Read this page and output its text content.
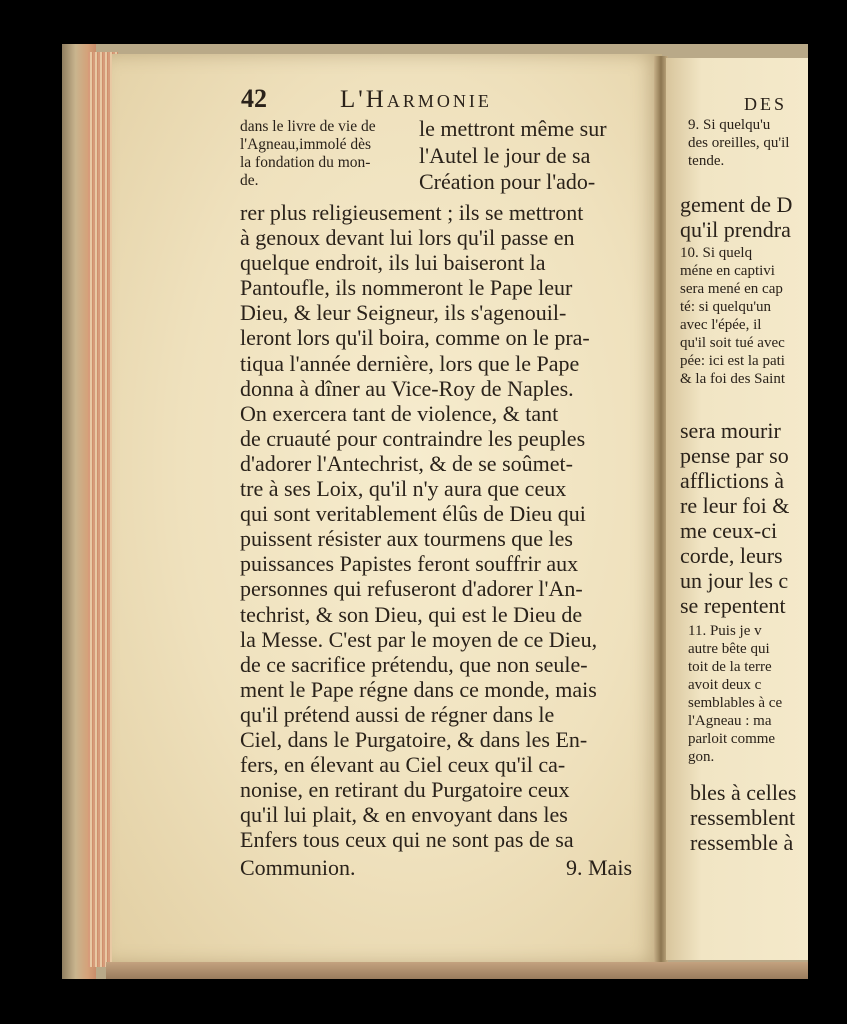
42	L'Harmonie
dans le livre de vie de
l'Agneau,immolé dès
la fondation du mon-
de.
le mettront même sur
l'Autel le jour de sa
Création pour l'ado-
rer plus religieusement ; ils se mettront
à genoux devant lui lors qu'il passe en
quelque endroit, ils lui baiseront la
Pantoufle, ils nommeront le Pape leur
Dieu, & leur Seigneur, ils s'agenouil-
leront lors qu'il boira, comme on le pra-
tiqua l'année dernière, lors que le Pape
donna à dîner au Vice-Roy de Naples.
On exercera tant de violence, & tant
de cruauté pour contraindre les peuples
d'adorer l'Antechrist, & de se soûmet-
tre à ses Loix, qu'il n'y aura que ceux
qui sont veritablement élûs de Dieu qui
puissent résister aux tourmens que les
puissances Papistes feront souffrir aux
personnes qui refuseront d'adorer l'An-
techrist, & son Dieu, qui est le Dieu de
la Messe. C'est par le moyen de ce Dieu,
de ce sacrifice prétendu, que non seule-
ment le Pape régne dans ce monde, mais
qu'il prétend aussi de régner dans le
Ciel, dans le Purgatoire, & dans les En-
fers, en élevant au Ciel ceux qu'il ca-
nonise, en retirant du Purgatoire ceux
qu'il lui plait, & en envoyant dans les
Enfers tous ceux qui ne sont pas de sa
Communion.	9. Mais
DES
9. Si quelqu'u
des oreilles, qu'il
tende.
gement de D
qu'il prendra
10. Si quelq
méne en captivi
sera mené en cap
té: si quelqu'un
avec l'épée, il
qu'il soit tué avec
pée: ici est la pati
& la foi des Saint
sera mourir
pense par so
afflictions à
re leur foi &
me ceux-ci
corde, leurs
un jour les c
se repentent
11. Puis je v
autre bête qui
toit de la terre
avoit deux c
semblables à ce
l'Agneau : ma
parloit comme
gon.
bles à celles
ressemblent
ressemble à
